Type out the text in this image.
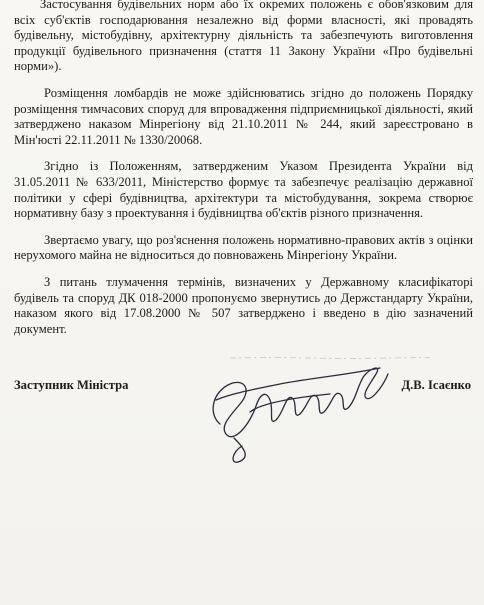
Застосування будівельних норм або їх окремих положень є обов'язковим для всіх суб'єктів господарювання незалежно від форми власності, які провадять будівельну, містобудівну, архітектурну діяльність та забезпечують виготовлення продукції будівельного призначення (стаття 11 Закону України «Про будівельні норми»).

Розміщення ломбардів не може здійснюватись згідно до положень Порядку розміщення тимчасових споруд для впровадження підприємницької діяльності, який затверджено наказом Мінрегіону від 21.10.2011 № 244, який зареєстровано в Мін'юсті 22.11.2011 № 1330/20068.

Згідно із Положенням, затвердженим Указом Президента України від 31.05.2011 № 633/2011, Міністерство формує та забезпечує реалізацію державної політики у сфері будівництва, архітектури та містобудування, зокрема створює нормативну базу з проектування і будівництва об'єктів різного призначення.

Звертаємо увагу, що роз'яснення положень нормативно-правових актів з оцінки нерухомого майна не відноситься до повноважень Мінрегіону України.

З питань тлумачення термінів, визначених у Державному класифікаторі будівель та споруд ДК 018-2000 пропонуємо звернутись до Держстандарту України, наказом якого від 17.08.2000 № 507 затверджено і введено в дію зазначений документ.

Заступник Міністра	Д.В. Ісаєнко
